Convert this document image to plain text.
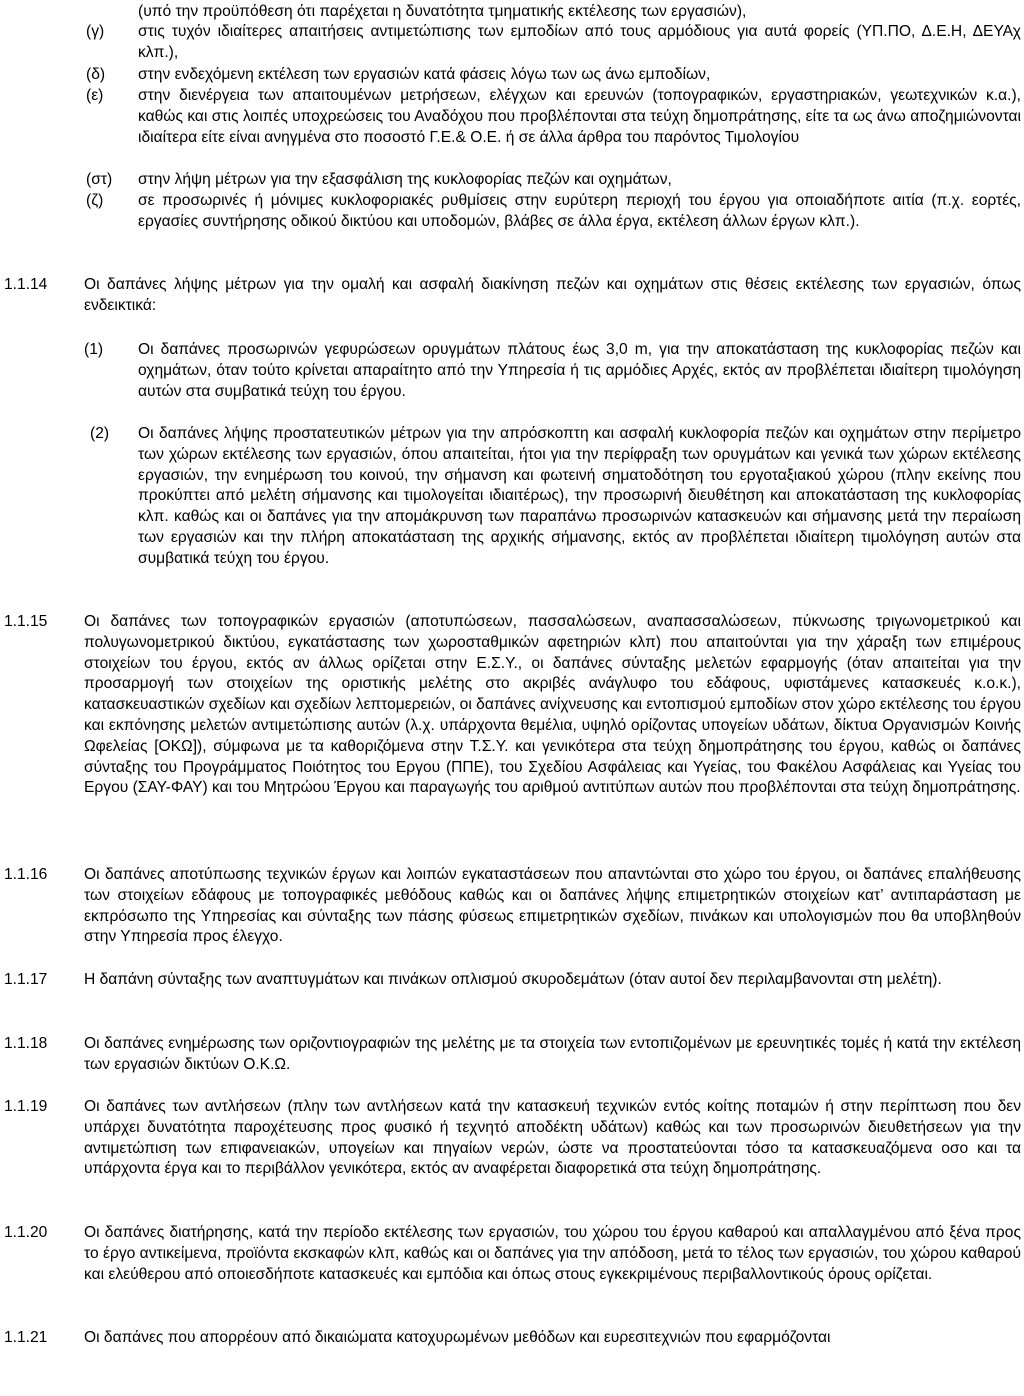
(υπό την προϋπόθεση ότι παρέχεται η δυνατότητα τμηματικής εκτέλεσης των εργασιών),
(γ)	στις τυχόν ιδιαίτερες απαιτήσεις αντιμετώπισης των εμποδίων από τους αρμόδιους για αυτά φορείς (ΥΠ.ΠΟ, Δ.Ε.Η, ΔΕΥΑχ κλπ.),
(δ)	στην ενδεχόμενη εκτέλεση των εργασιών κατά φάσεις λόγω των ως άνω εμποδίων,
(ε)	στην διενέργεια των απαιτουμένων μετρήσεων, ελέγχων και ερευνών (τοπογραφικών, εργαστηριακών, γεωτεχνικών κ.α.), καθώς και στις λοιπές υποχρεώσεις του Αναδόχου που προβλέπονται στα τεύχη δημοπράτησης, είτε τα ως άνω αποζημιώνονται ιδιαίτερα είτε είναι ανηγμένα στο ποσοστό Γ.Ε.& Ο.Ε. ή σε άλλα άρθρα του παρόντος Τιμολογίου
(στ)	στην λήψη μέτρων για την εξασφάλιση της κυκλοφορίας πεζών και οχημάτων,
(ζ)	σε προσωρινές ή μόνιμες κυκλοφοριακές ρυθμίσεις στην ευρύτερη περιοχή του έργου για οποιαδήποτε αιτία (π.χ. εορτές, εργασίες συντήρησης οδικού δικτύου και υποδομών, βλάβες σε άλλα έργα, εκτέλεση άλλων έργων κλπ.).
1.1.14	Οι δαπάνες λήψης μέτρων για την ομαλή και ασφαλή διακίνηση πεζών και οχημάτων στις θέσεις εκτέλεσης των εργασιών, όπως ενδεικτικά:
(1)	Οι δαπάνες προσωρινών γεφυρώσεων ορυγμάτων πλάτους έως 3,0 m, για την αποκατάσταση της κυκλοφορίας πεζών και οχημάτων, όταν τούτο κρίνεται απαραίτητο από την Υπηρεσία ή τις αρμόδιες Αρχές, εκτός αν προβλέπεται ιδιαίτερη τιμολόγηση αυτών στα συμβατικά τεύχη του έργου.
(2)	Οι δαπάνες λήψης προστατευτικών μέτρων για την απρόσκοπτη και ασφαλή κυκλοφορία πεζών και οχημάτων στην περίμετρο των χώρων εκτέλεσης των εργασιών, όπου απαιτείται, ήτοι για την περίφραξη των ορυγμάτων και γενικά των χώρων εκτέλεσης εργασιών, την ενημέρωση του κοινού, την σήμανση και φωτεινή σηματοδότηση του εργοταξιακού χώρου (πλην εκείνης που προκύπτει από μελέτη σήμανσης και τιμολογείται ιδιαιτέρως), την προσωρινή διευθέτηση και αποκατάσταση της κυκλοφορίας κλπ. καθώς και οι δαπάνες για την απομάκρυνση των παραπάνω προσωρινών κατασκευών και σήμανσης μετά την περαίωση των εργασιών και την πλήρη αποκατάσταση της αρχικής σήμανσης, εκτός αν προβλέπεται ιδιαίτερη τιμολόγηση αυτών στα συμβατικά τεύχη του έργου.
1.1.15	Οι δαπάνες των τοπογραφικών εργασιών (αποτυπώσεων, πασσαλώσεων, αναπασσαλώσεων, πύκνωσης τριγωνομετρικού και πολυγωνομετρικού δικτύου, εγκατάστασης των χωροσταθμικών αφετηριών κλπ) που απαιτούνται για την χάραξη των επιμέρους στοιχείων του έργου, εκτός αν άλλως ορίζεται στην Ε.Σ.Υ., οι δαπάνες σύνταξης μελετών εφαρμογής (όταν απαιτείται για την προσαρμογή των στοιχείων της οριστικής μελέτης στο ακριβές ανάγλυφο του εδάφους, υφιστάμενες κατασκευές κ.ο.κ.), κατασκευαστικών σχεδίων και σχεδίων λεπτομερειών, οι δαπάνες ανίχνευσης και εντοπισμού εμποδίων στον χώρο εκτέλεσης του έργου και εκπόνησης μελετών αντιμετώπισης αυτών (λ.χ. υπάρχοντα θεμέλια, υψηλό ορίζοντας υπογείων υδάτων, δίκτυα Οργανισμών Κοινής Ωφελείας [ΟΚΩ]), σύμφωνα με τα καθοριζόμενα στην Τ.Σ.Υ. και γενικότερα στα τεύχη δημοπράτησης του έργου, καθώς οι δαπάνες σύνταξης του Προγράμματος Ποιότητος του Εργου (ΠΠΕ), του Σχεδίου Ασφάλειας και Υγείας, του Φακέλου Ασφάλειας και Υγείας του Εργου (ΣΑΥ-ΦΑΥ) και του Μητρώου Έργου και παραγωγής του αριθμού αντιτύπων αυτών που προβλέπονται στα τεύχη δημοπράτησης.
1.1.16	Οι δαπάνες αποτύπωσης τεχνικών έργων και λοιπών εγκαταστάσεων που απαντώνται στο χώρο του έργου, οι δαπάνες επαλήθευσης των στοιχείων εδάφους με τοπογραφικές μεθόδους καθώς και οι δαπάνες λήψης επιμετρητικών στοιχείων κατ’ αντιπαράσταση με εκπρόσωπο της Υπηρεσίας και σύνταξης των πάσης φύσεως επιμετρητικών σχεδίων, πινάκων και υπολογισμών που θα υποβληθούν στην Υπηρεσία προς έλεγχο.
1.1.17	Η δαπάνη σύνταξης των αναπτυγμάτων και πινάκων οπλισμού σκυροδεμάτων (όταν αυτοί δεν περιλαμβανονται στη μελέτη).
1.1.18	Οι δαπάνες ενημέρωσης των οριζοντιογραφιών της μελέτης με τα στοιχεία των εντοπιζομένων με ερευνητικές τομές ή κατά την εκτέλεση των εργασιών δικτύων Ο.Κ.Ω.
1.1.19	Οι δαπάνες των αντλήσεων (πλην των αντλήσεων κατά την κατασκευή τεχνικών εντός κοίτης ποταμών ή στην περίπτωση που δεν υπάρχει δυνατότητα παροχέτευσης προς φυσικό ή τεχνητό αποδέκτη υδάτων) καθώς και των προσωρινών διευθετήσεων για την αντιμετώπιση των επιφανειακών, υπογείων και πηγαίων νερών, ώστε να προστατεύονται τόσο τα κατασκευαζόμενα οσο και τα υπάρχοντα έργα και το περιβάλλον γενικότερα, εκτός αν αναφέρεται διαφορετικά στα τεύχη δημοπράτησης.
1.1.20	Οι δαπάνες διατήρησης, κατά την περίοδο εκτέλεσης των εργασιών, του χώρου του έργου καθαρού και απαλλαγμένου από ξένα προς το έργο αντικείμενα, προϊόντα εκσκαφών κλπ, καθώς και οι δαπάνες για την απόδοση, μετά το τέλος των εργασιών, του χώρου καθαρού και ελεύθερου από οποιεσδήποτε κατασκευές και εμπόδια και όπως στους εγκεκριμένους περιβαλλοντικούς όρους ορίζεται.
1.1.21	Οι δαπάνες που απορρέουν από δικαιώματα κατοχυρωμένων μεθόδων και ευρεσιτεχνιών που εφαρμόζονται
